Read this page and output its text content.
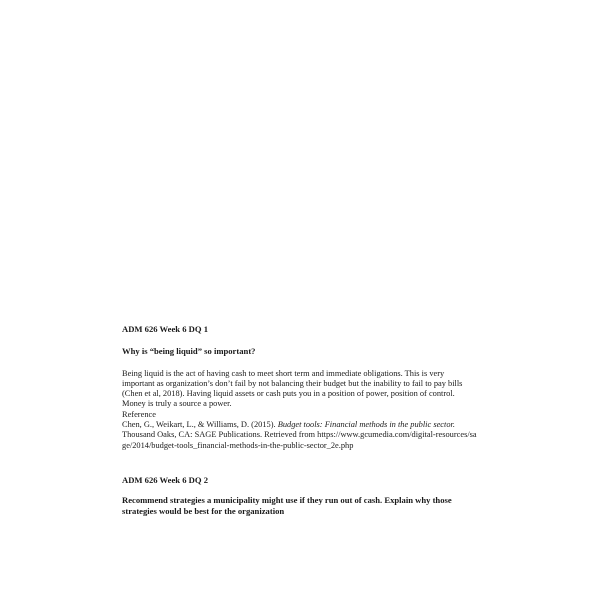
ADM 626 Week 6 DQ 1

Why is “being liquid” so important?

Being liquid is the act of having cash to meet short term and immediate obligations. This is very important as organization’s don’t fail by not balancing their budget but the inability to fail to pay bills (Chen et al, 2018). Having liquid assets or cash puts you in a position of power, position of control. Money is truly a source a power.

Reference

Chen, G., Weikart, L., & Williams, D. (2015). Budget tools: Financial methods in the public sector. Thousand Oaks, CA: SAGE Publications. Retrieved from https://www.gcumedia.com/digital-resources/sage/2014/budget-tools_financial-methods-in-the-public-sector_2e.php

ADM 626 Week 6 DQ 2

Recommend strategies a municipality might use if they run out of cash. Explain why those strategies would be best for the organization
